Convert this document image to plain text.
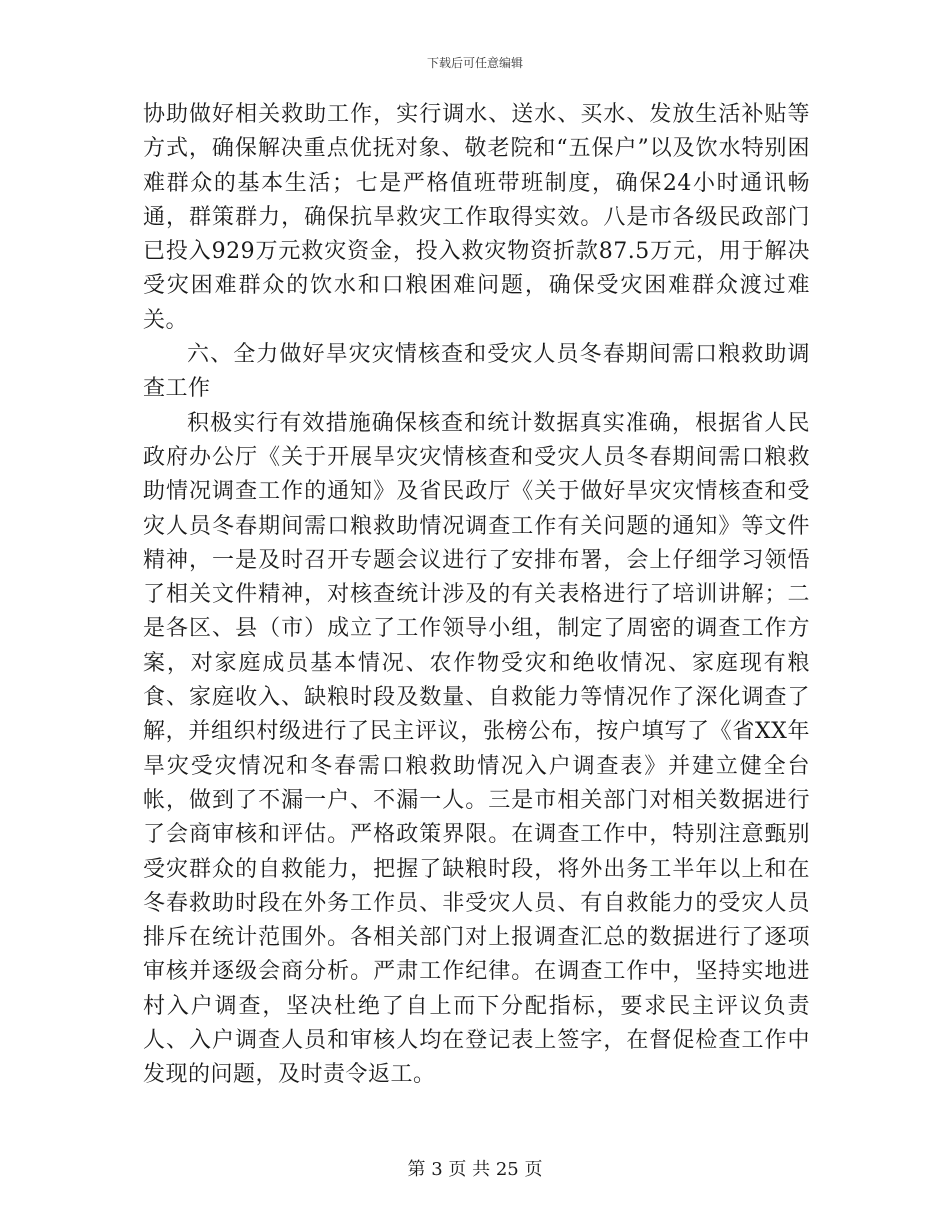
下载后可任意编辑

协助做好相关救助工作，实行调水、送水、买水、发放生活补贴等方式，确保解决重点优抚对象、敬老院和“五保户”以及饮水特别困难群众的基本生活；七是严格值班带班制度，确保24小时通讯畅通，群策群力，确保抗旱救灾工作取得实效。八是市各级民政部门已投入929万元救灾资金，投入救灾物资折款87.5万元，用于解决受灾困难群众的饮水和口粮困难问题，确保受灾困难群众渡过难关。

六、全力做好旱灾灾情核查和受灾人员冬春期间需口粮救助调查工作

积极实行有效措施确保核查和统计数据真实准确，根据省人民政府办公厅《关于开展旱灾灾情核查和受灾人员冬春期间需口粮救助情况调查工作的通知》及省民政厅《关于做好旱灾灾情核查和受灾人员冬春期间需口粮救助情况调查工作有关问题的通知》等文件精神，一是及时召开专题会议进行了安排布署，会上仔细学习领悟了相关文件精神，对核查统计涉及的有关表格进行了培训讲解；二是各区、县（市）成立了工作领导小组，制定了周密的调查工作方案，对家庭成员基本情况、农作物受灾和绝收情况、家庭现有粮食、家庭收入、缺粮时段及数量、自救能力等情况作了深化调查了解，并组织村级进行了民主评议，张榜公布，按户填写了《省XX年旱灾受灾情况和冬春需口粮救助情况入户调查表》并建立健全台帐，做到了不漏一户、不漏一人。三是市相关部门对相关数据进行了会商审核和评估。严格政策界限。在调查工作中，特别注意甄别受灾群众的自救能力，把握了缺粮时段，将外出务工半年以上和在冬春救助时段在外务工作员、非受灾人员、有自救能力的受灾人员排斥在统计范围外。各相关部门对上报调查汇总的数据进行了逐项审核并逐级会商分析。严肃工作纪律。在调查工作中，坚持实地进村入户调查，坚决杜绝了自上而下分配指标，要求民主评议负责人、入户调查人员和审核人均在登记表上签字，在督促检查工作中发现的问题，及时责令返工。

第 3 页 共 25 页
